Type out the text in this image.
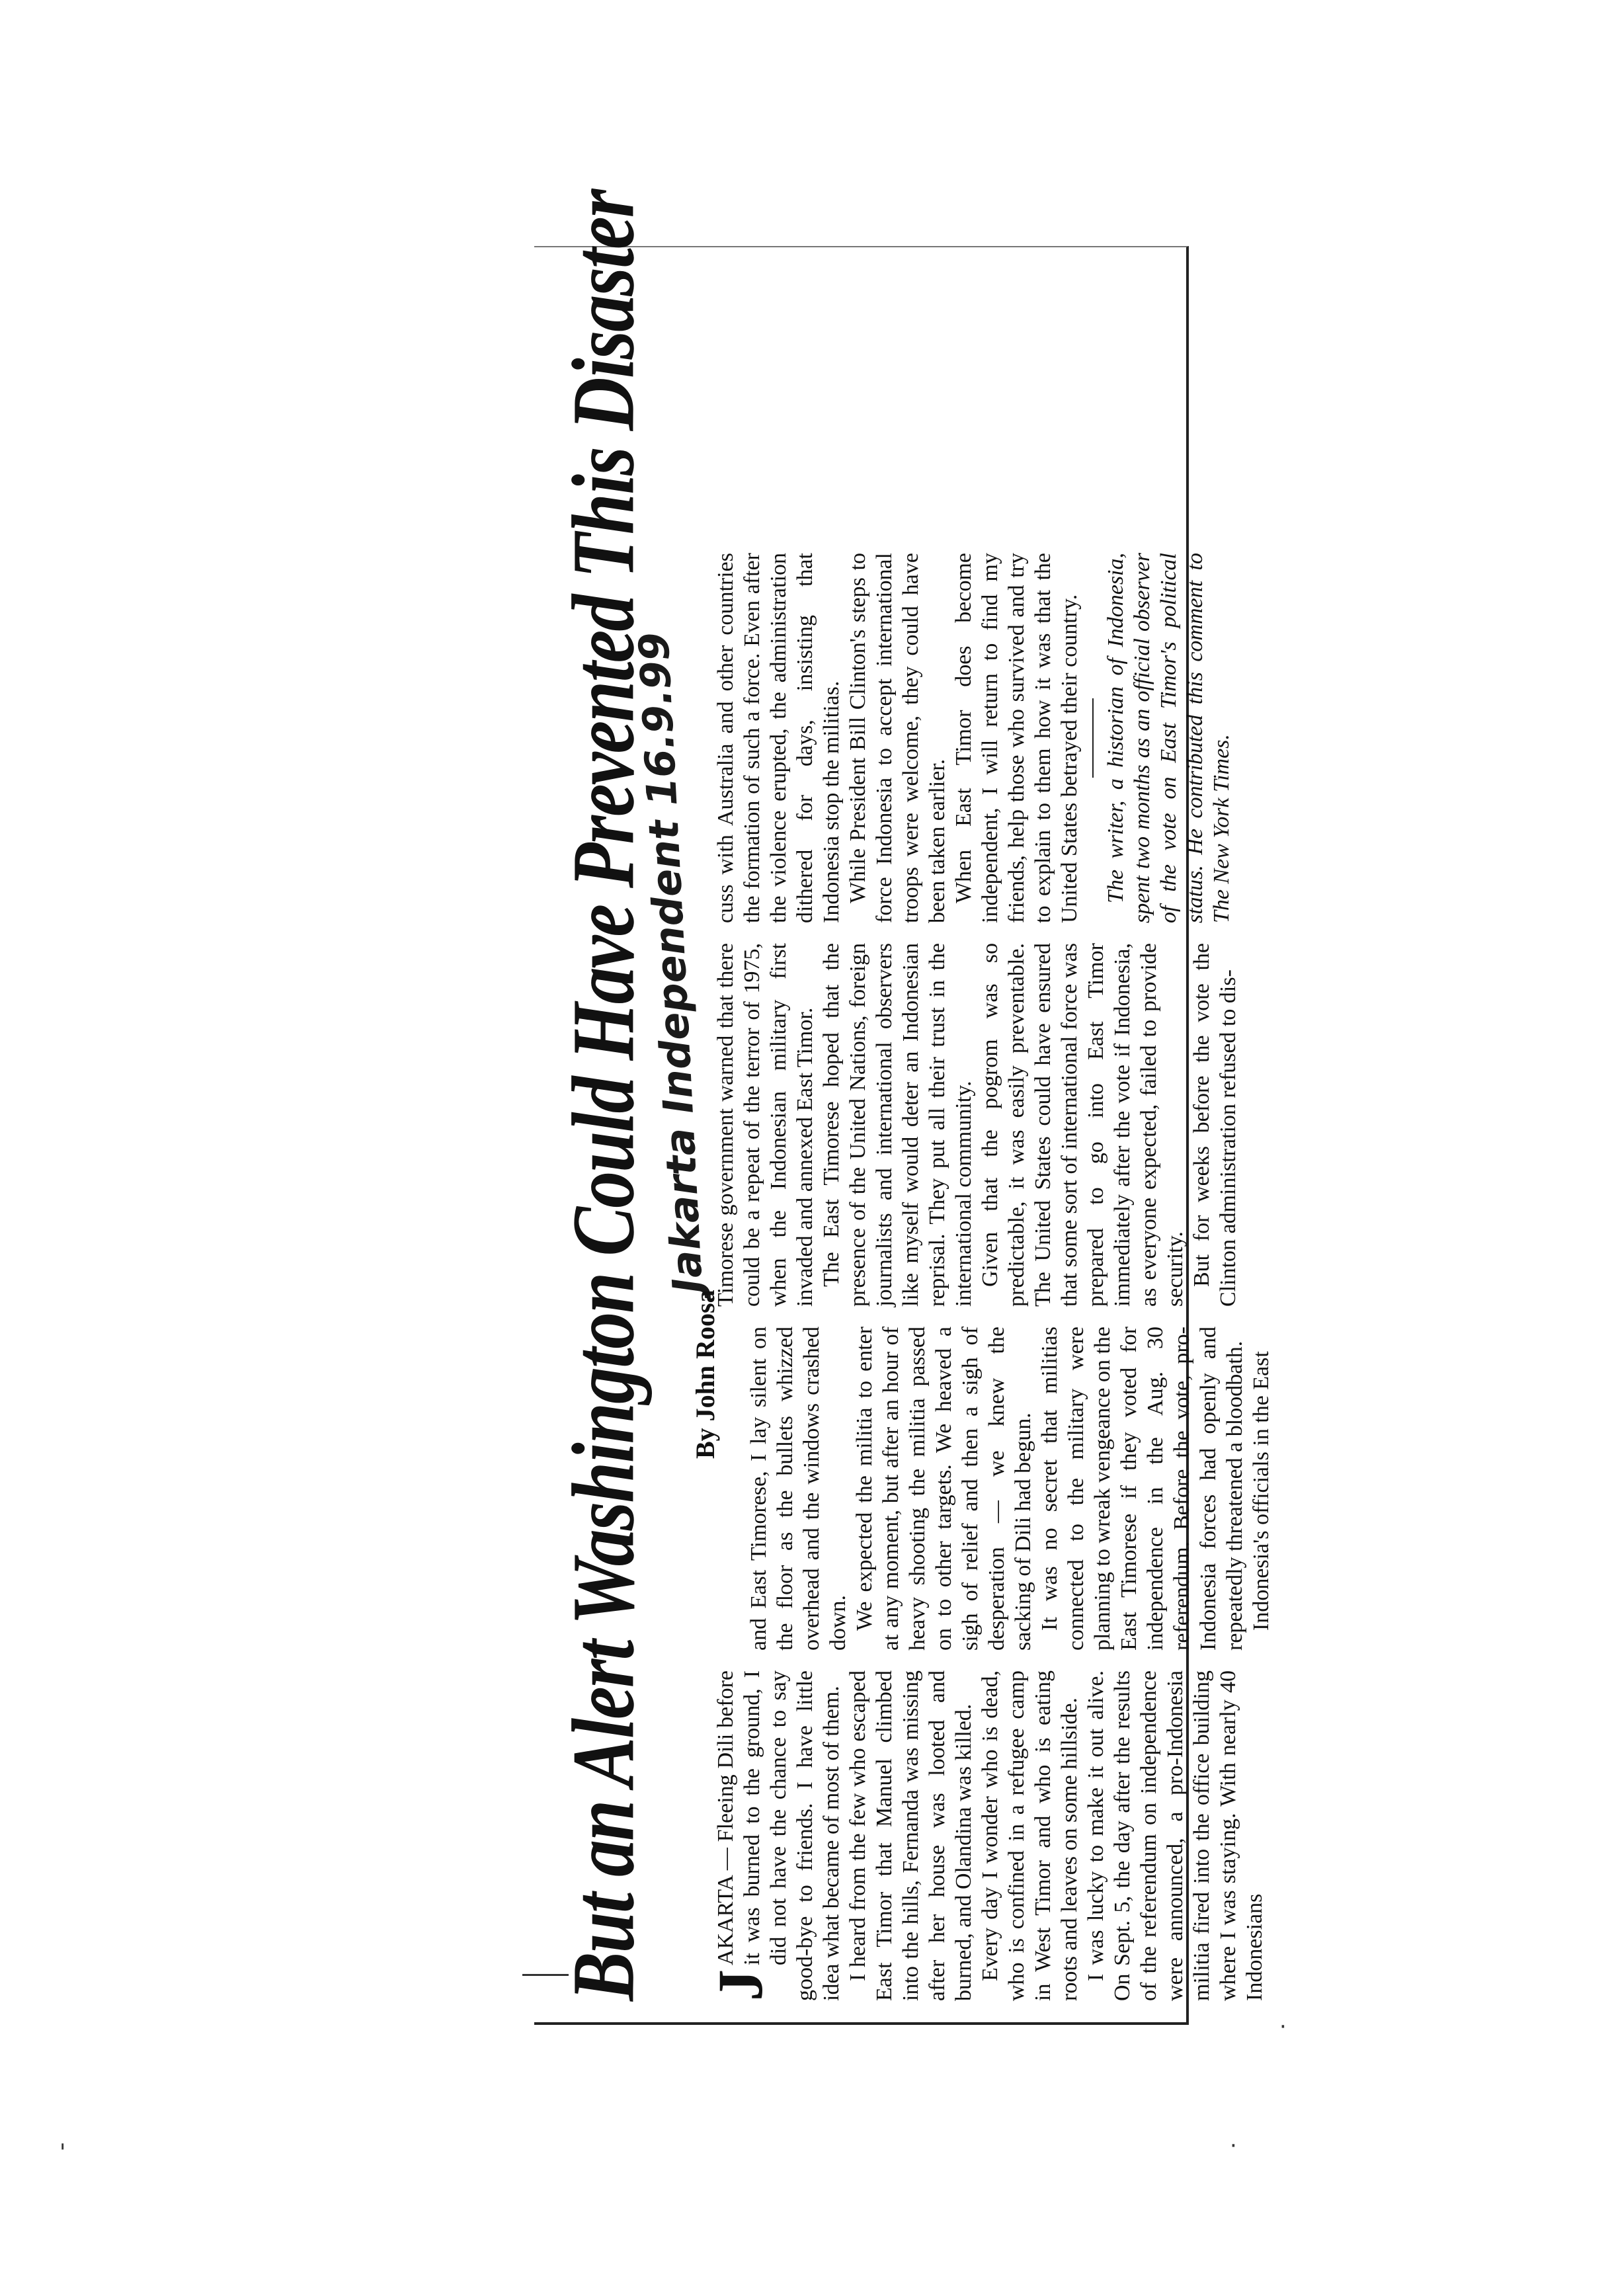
But an Alert Washington Could Have Prevented This Disaster
Jakarta Independent 16.9.99
By John Roosa

J
AKARTA — Fleeing Dili before it was burned to the ground, I did not have the chance to say good-bye to friends. I have little idea what became of most of them. I heard from the few who escaped East Timor that Manuel climbed into the hills, Fernanda was missing after her house was looted and burned, and Olandina was killed. Every day I wonder who is dead, who is confined in a refugee camp in West Timor and who is eating roots and leaves on some hillside. I was lucky to make it out alive. On Sept. 5, the day after the results of the referendum on independence were announced, a pro-Indonesia militia fired into the office building where I was staying. With nearly 40 Indonesians

and East Timorese, I lay silent on the floor as the bullets whizzed overhead and the windows crashed down. We expected the militia to enter at any moment, but after an hour of heavy shooting the militia passed on to other targets. We heaved a sigh of relief and then a sigh of desperation — we knew the sacking of Dili had begun. It was no secret that militias connected to the military were planning to wreak vengeance on the East Timorese if they voted for independence in the Aug. 30 referendum. Before the vote, pro-Indonesia forces had openly and repeatedly threatened a bloodbath. Indonesia's officials in the East

Timorese government warned that there could be a repeat of the terror of 1975, when the Indonesian military first invaded and annexed East Timor. The East Timorese hoped that the presence of the United Nations, foreign journalists and international observers like myself would deter an Indonesian reprisal. They put all their trust in the international community. Given that the pogrom was so predictable, it was easily preventable. The United States could have ensured that some sort of international force was prepared to go into East Timor immediately after the vote if Indonesia, as everyone expected, failed to provide security. But for weeks before the vote the Clinton administration refused to dis-

cuss with Australia and other countries the formation of such a force. Even after the violence erupted, the administration dithered for days, insisting that Indonesia stop the militias. While President Bill Clinton's steps to force Indonesia to accept international troops were welcome, they could have been taken earlier. When East Timor does become independent, I will return to find my friends, help those who survived and try to explain to them how it was that the United States betrayed their country. The writer, a historian of Indonesia, spent two months as an official observer of the vote on East Timor's political status. He contributed this comment to The New York Times.

'
·
·
